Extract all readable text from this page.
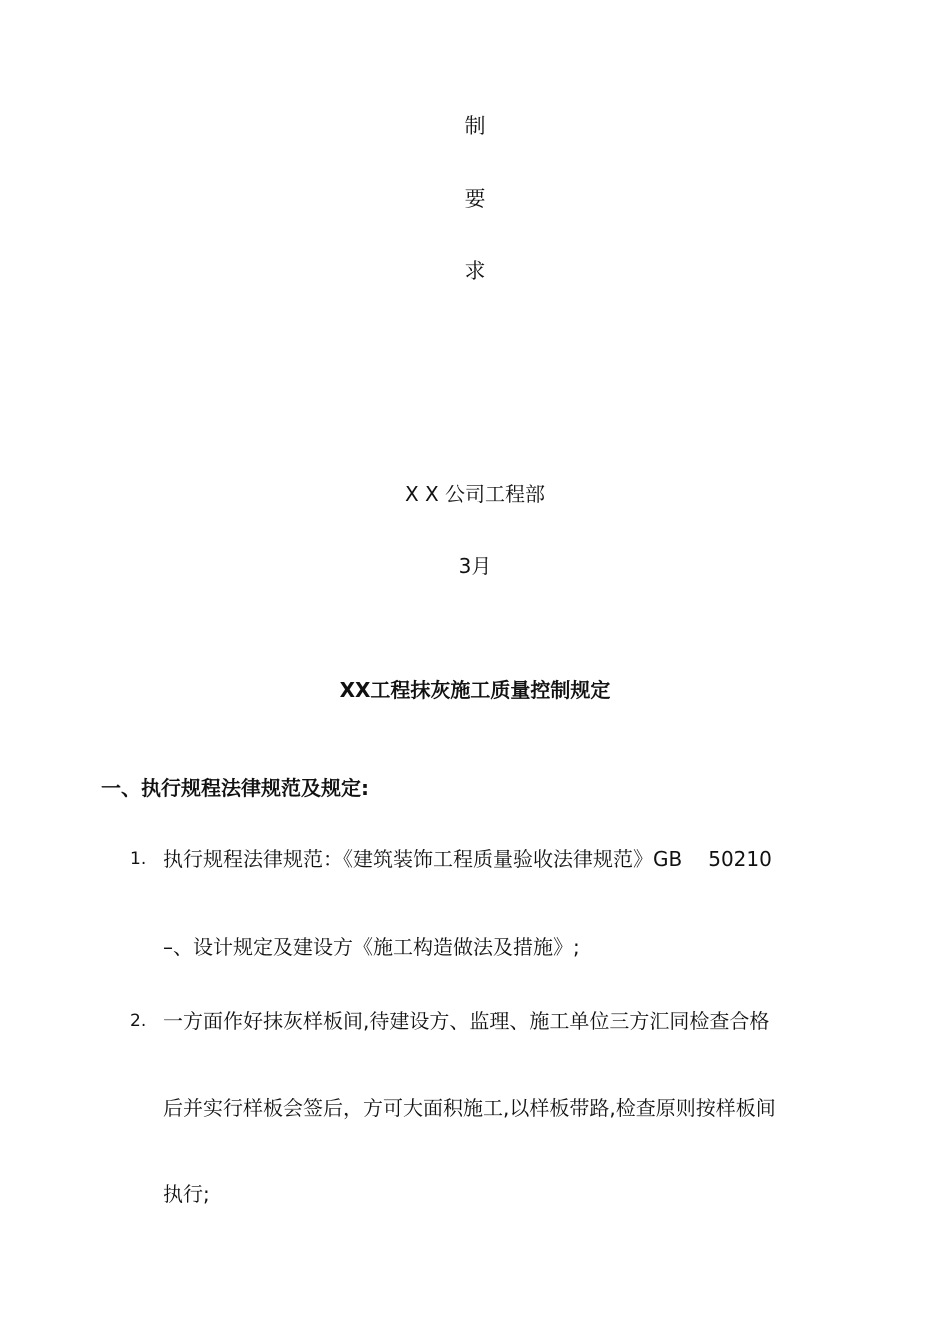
制
要
求
X X 公司工程部
3月
XX工程抹灰施工质量控制规定
一、执行规程法律规范及规定:
1. 执行规程法律规范：《建筑装饰工程质量验收法律规范》GB 50210
–、设计规定及建设方《施工构造做法及措施》;
2. 一方面作好抹灰样板间,待建设方、监理、施工单位三方汇同检查合格
后并实行样板会签后，方可大面积施工,以样板带路,检查原则按样板间
执行;
